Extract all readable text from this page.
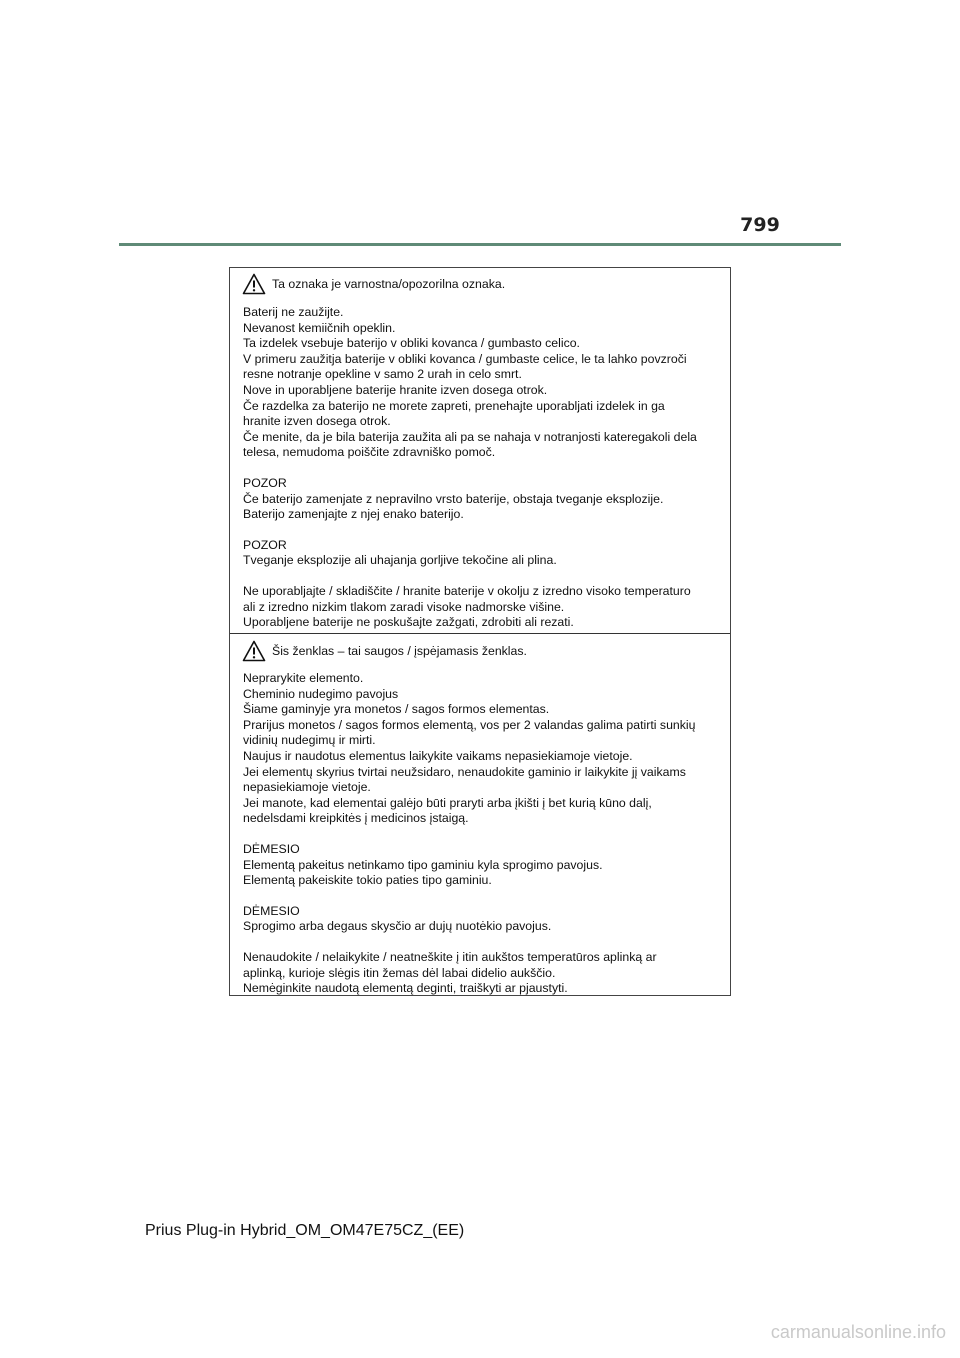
799
Ta oznaka je varnostna/opozorilna oznaka.

Baterij ne zaužijte.

Nevanost kemiičnih opeklin.

Ta izdelek vsebuje baterijo v obliki kovanca / gumbasto celico.

V primeru zaužitja baterije v obliki kovanca / gumbaste celice, le ta lahko povzroči

resne notranje opekline v samo 2 urah in celo smrt.

Nove in uporabljene baterije hranite izven dosega otrok.

Če razdelka za baterijo ne morete zapreti, prenehajte uporabljati izdelek in ga

hranite izven dosega otrok.

Če menite, da je bila baterija zaužita ali pa se nahaja v notranjosti kateregakoli dela

telesa, nemudoma poiščite zdravniško pomoč.

POZOR

Če baterijo zamenjate z nepravilno vrsto baterije, obstaja tveganje eksplozije.

Baterijo zamenjajte z njej enako baterijo.

POZOR

Tveganje eksplozije ali uhajanja gorljive tekočine ali plina.

Ne uporabljajte / skladiščite / hranite baterije v okolju z izredno visoko temperaturo

ali z izredno nizkim tlakom zaradi visoke nadmorske višine.

Uporabljene baterije ne poskušajte zažgati, zdrobiti ali rezati.

Šis ženklas – tai saugos / įspėjamasis ženklas.

Neprarykite elemento.

Cheminio nudegimo pavojus

Šiame gaminyje yra monetos / sagos formos elementas.

Prarijus monetos / sagos formos elementą, vos per 2 valandas galima patirti sunkių

vidinių nudegimų ir mirti.

Naujus ir naudotus elementus laikykite vaikams nepasiekiamoje vietoje.

Jei elementų skyrius tvirtai neužsidaro, nenaudokite gaminio ir laikykite jį vaikams

nepasiekiamoje vietoje.

Jei manote, kad elementai galėjo būti praryti arba įkišti į bet kurią kūno dalį,

nedelsdami kreipkitės į medicinos įstaigą.

DĖMESIO

Elementą pakeitus netinkamo tipo gaminiu kyla sprogimo pavojus.

Elementą pakeiskite tokio paties tipo gaminiu.

DĖMESIO

Sprogimo arba degaus skysčio ar dujų nuotėkio pavojus.

Nenaudokite / nelaikykite / neatneškite į itin aukštos temperatūros aplinką ar

aplinką, kurioje slėgis itin žemas dėl labai didelio aukščio.

Nemėginkite naudotą elementą deginti, traiškyti ar pjaustyti.

Prius Plug-in Hybrid_OM_OM47E75CZ_(EE)
carmanualsonline.info
